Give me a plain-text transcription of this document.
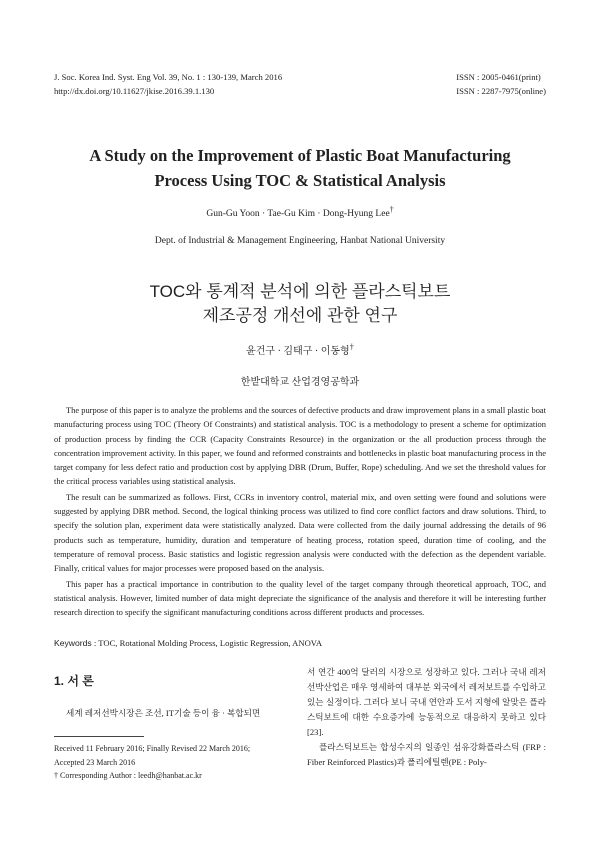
J. Soc. Korea Ind. Syst. Eng Vol. 39, No. 1 : 130-139, March 2016
http://dx.doi.org/10.11627/jkise.2016.39.1.130
ISSN : 2005-0461(print)
ISSN : 2287-7975(online)
A Study on the Improvement of Plastic Boat Manufacturing
Process Using TOC & Statistical Analysis
Gun-Gu Yoon · Tae-Gu Kim · Dong-Hyung Lee†
Dept. of Industrial & Management Engineering, Hanbat National University
TOC와 통계적 분석에 의한 플라스틱보트
제조공정 개선에 관한 연구
윤건구 · 김태구 · 이동형†
한밭대학교 산업경영공학과

The purpose of this paper is to analyze the problems and the sources of defective products and draw improvement plans in a small plastic boat manufacturing process using TOC (Theory Of Constraints) and statistical analysis. TOC is a methodology to present a scheme for optimization of production process by finding the CCR (Capacity Constraints Resource) in the organization or the all production process through the concentration improvement activity. In this paper, we found and reformed constraints and bottlenecks in plastic boat manufacturing process in the target company for less defect ratio and production cost by applying DBR (Drum, Buffer, Rope) scheduling. And we set the threshold values for the critical process variables using statistical analysis.

The result can be summarized as follows. First, CCRs in inventory control, material mix, and oven setting were found and solutions were suggested by applying DBR method. Second, the logical thinking process was utilized to find core conflict factors and draw solutions. Third, to specify the solution plan, experiment data were statistically analyzed. Data were collected from the daily journal addressing the details of 96 products such as temperature, humidity, duration and temperature of heating process, rotation speed, duration time of cooling, and the temperature of removal process. Basic statistics and logistic regression analysis were conducted with the defection as the dependent variable. Finally, critical values for major processes were proposed based on the analysis.

This paper has a practical importance in contribution to the quality level of the target company through theoretical approach, TOC, and statistical analysis. However, limited number of data might depreciate the significance of the analysis and therefore it will be interesting further research direction to specify the significant manufacturing conditions across different products and processes.

Keywords : TOC, Rotational Molding Process, Logistic Regression, ANOVA
1. 서 론

세계 레저선박시장은 조선, IT기술 등이 융 · 복합되면

Received 11 February 2016; Finally Revised 22 March 2016;
Accepted 23 March 2016
† Corresponding Author : leedh@hanbat.ac.kr

서 연간 400억 달러의 시장으로 성장하고 있다. 그러나 국내 레저선박산업은 매우 영세하여 대부분 외국에서 레저보트를 수입하고 있는 실정이다. 그러다 보니 국내 연안과 도서 지형에 알맞은 플라스틱보트에 대한 수요증가에 능동적으로 대응하지 못하고 있다[23].

플라스틱보트는 합성수지의 일종인 섬유강화플라스틱 (FRP : Fiber Reinforced Plastics)과 폴리에틸렌(PE : Poly-
